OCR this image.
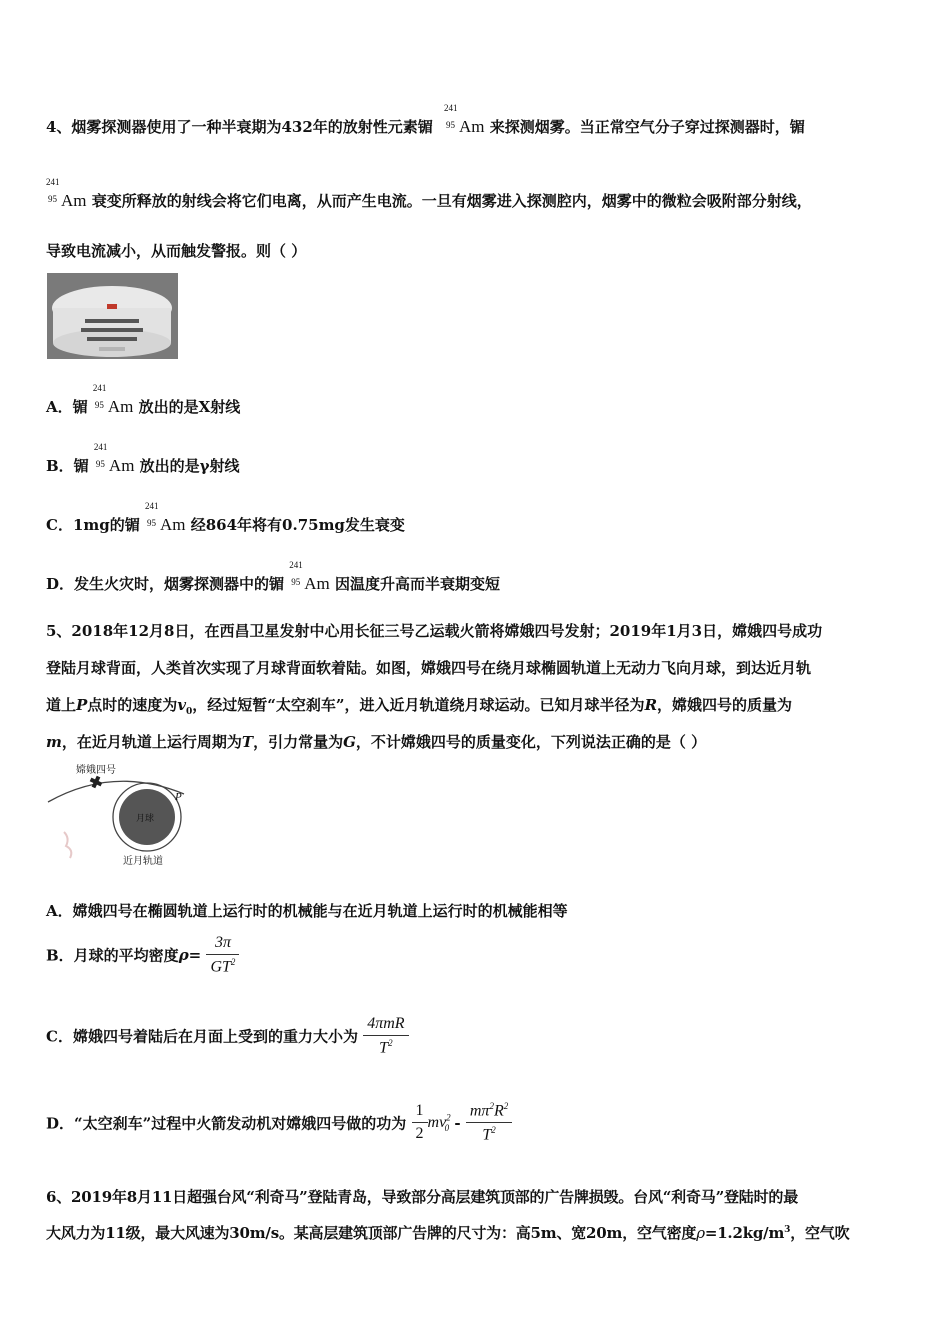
4、烟雾探测器使用了一种半衰期为432年的放射性元素镅
241
95 Am 来探测烟雾。当正常空气分子穿过探测器时，镅
241
95 Am 衰变所释放的射线会将它们电离，从而产生电流。一旦有烟雾进入探测腔内，烟雾中的微粒会吸附部分射线，
导致电流减小，从而触发警报。则（ ）
A．镅
241
95 Am 放出的是X射线
B．镅
241
95 Am 放出的是γ射线
C．1mg的镅
241
95 Am 经864年将有0.75mg发生衰变
D．发生火灾时，烟雾探测器中的镅
241
95 Am 因温度升高而半衰期变短
5、2018年12月8日，在西昌卫星发射中心用长征三号乙运载火箭将嫦娥四号发射；2019年1月3日，嫦娥四号成功
登陆月球背面，人类首次实现了月球背面软着陆。如图，嫦娥四号在绕月球椭圆轨道上无动力飞向月球，到达近月轨
道上P点时的速度为$v_0$，经过短暂“太空刹车”，进入近月轨道绕月球运动。已知月球半径为R，嫦娥四号的质量为
m，在近月轨道上运行周期为T，引力常量为G，不计嫦娥四号的质量变化，下列说法正确的是（ ）
嫦娥四号
月球
P
近月轨道
A．嫦娥四号在椭圆轨道上运行时的机械能与在近月轨道上运行时的机械能相等
B．月球的平均密度$\rho= \frac{3\pi}{GT^2}$
C．嫦娥四号着陆后在月面上受到的重力大小为 $\frac{\text{4πmR}}{T^2}$
D．“太空刹车”过程中火箭发动机对嫦娥四号做的功为 $\frac{1}{2} mv^2_0 - \frac{m\pi^2R^2}{T^2}$
6、2019年8月11日超强台风“利奇马”登陆青岛，导致部分高层建筑顶部的广告牌损毁。台风“利奇马”登陆时的最
大风力为11级，最大风速为30m/s。某高层建筑顶部广告牌的尺寸为：高5m、宽20m，空气密度$\rho=1.2kg/m^3$，空气吹
